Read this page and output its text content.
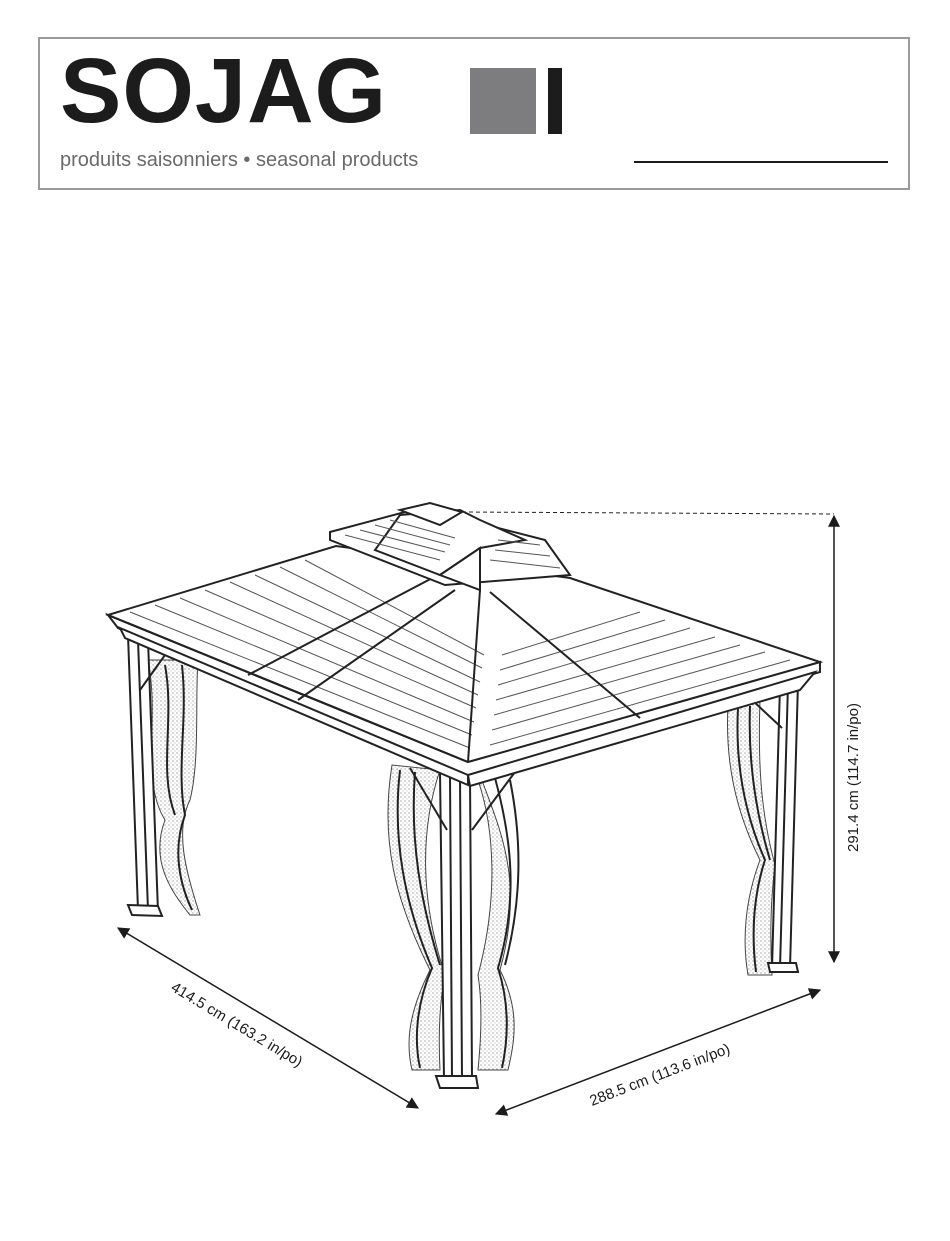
SOJAG
produits saisonniers • seasonal products
291.4 cm (114.7 in/po)
414.5 cm (163.2 in/po)
288.5 cm (113.6 in/po)
